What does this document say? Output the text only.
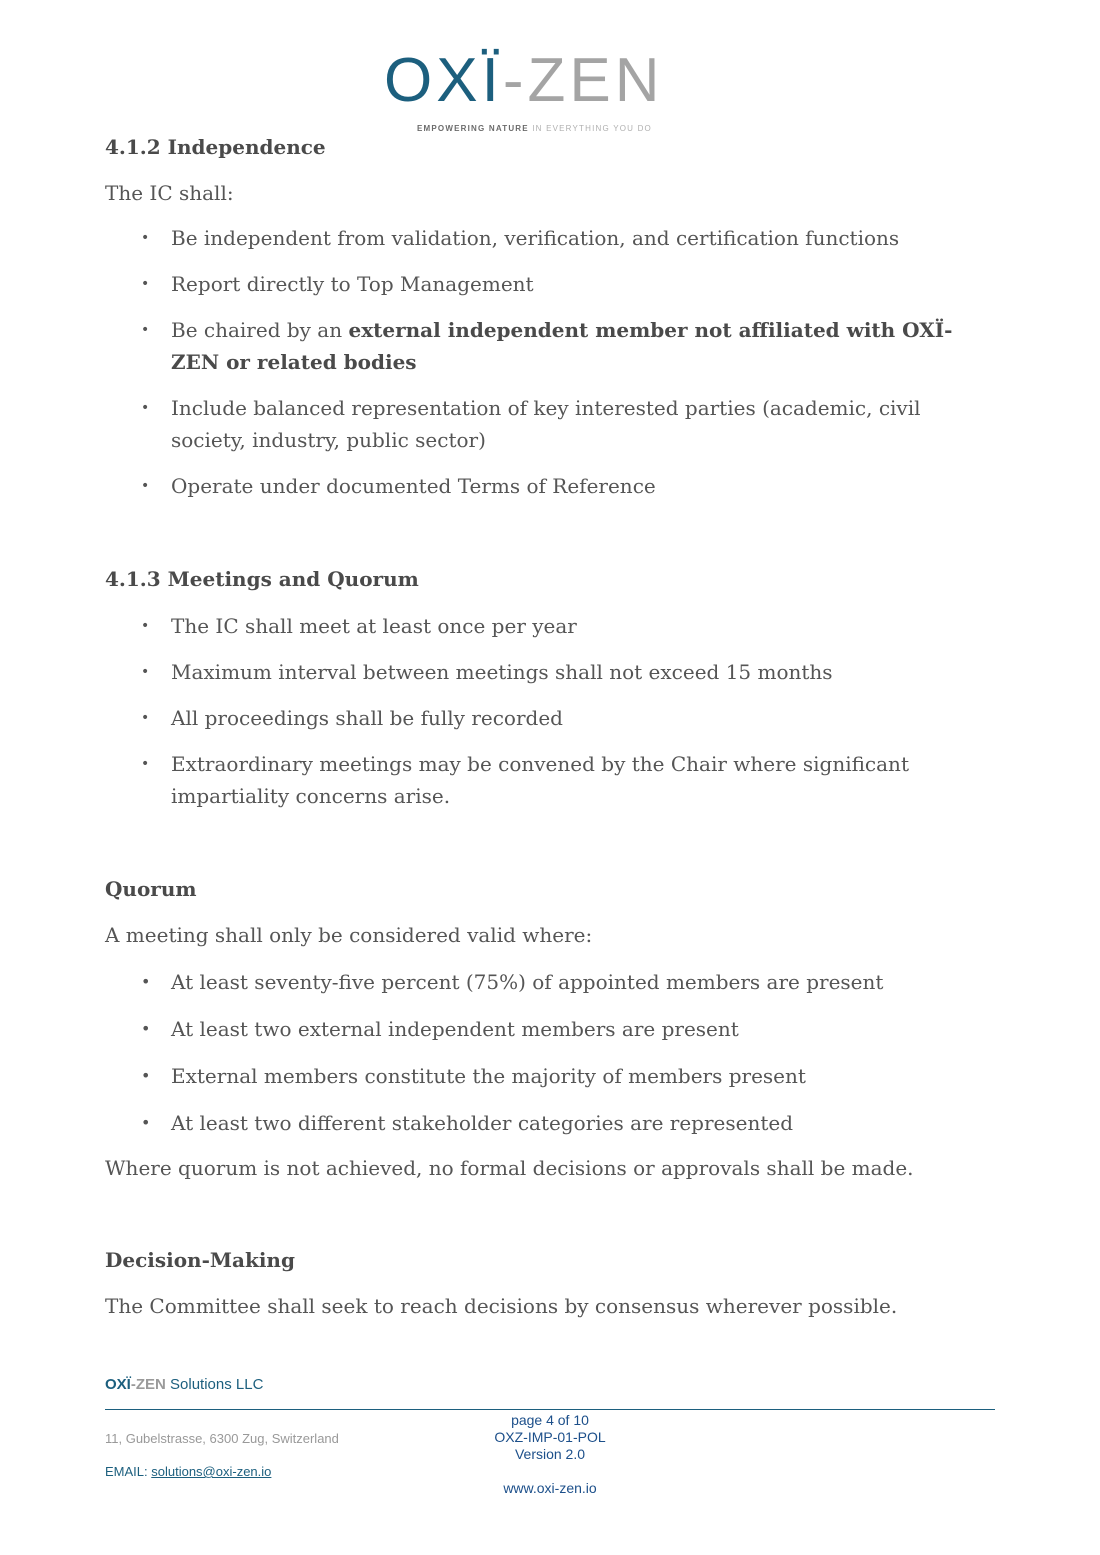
OXÏ-ZEN
EMPOWERING NATURE IN EVERYTHING YOU DO
4.1.2 Independence

The IC shall:

• Be independent from validation, verification, and certification functions
• Report directly to Top Management
• Be chaired by an external independent member not affiliated with OXÏ-ZEN or related bodies
• Include balanced representation of key interested parties (academic, civil society, industry, public sector)
• Operate under documented Terms of Reference
4.1.3 Meetings and Quorum
• The IC shall meet at least once per year
• Maximum interval between meetings shall not exceed 15 months
• All proceedings shall be fully recorded
• Extraordinary meetings may be convened by the Chair where significant impartiality concerns arise.
Quorum

A meeting shall only be considered valid where:

• At least seventy-five percent (75%) of appointed members are present
• At least two external independent members are present
• External members constitute the majority of members present
• At least two different stakeholder categories are represented

Where quorum is not achieved, no formal decisions or approvals shall be made.

Decision-Making

The Committee shall seek to reach decisions by consensus wherever possible.

OXÏ-ZEN Solutions LLC
11, Gubelstrasse, 6300 Zug, Switzerland
EMAIL: solutions@oxi-zen.io
page 4 of 10
OXZ-IMP-01-POL
Version 2.0
www.oxi-zen.io
